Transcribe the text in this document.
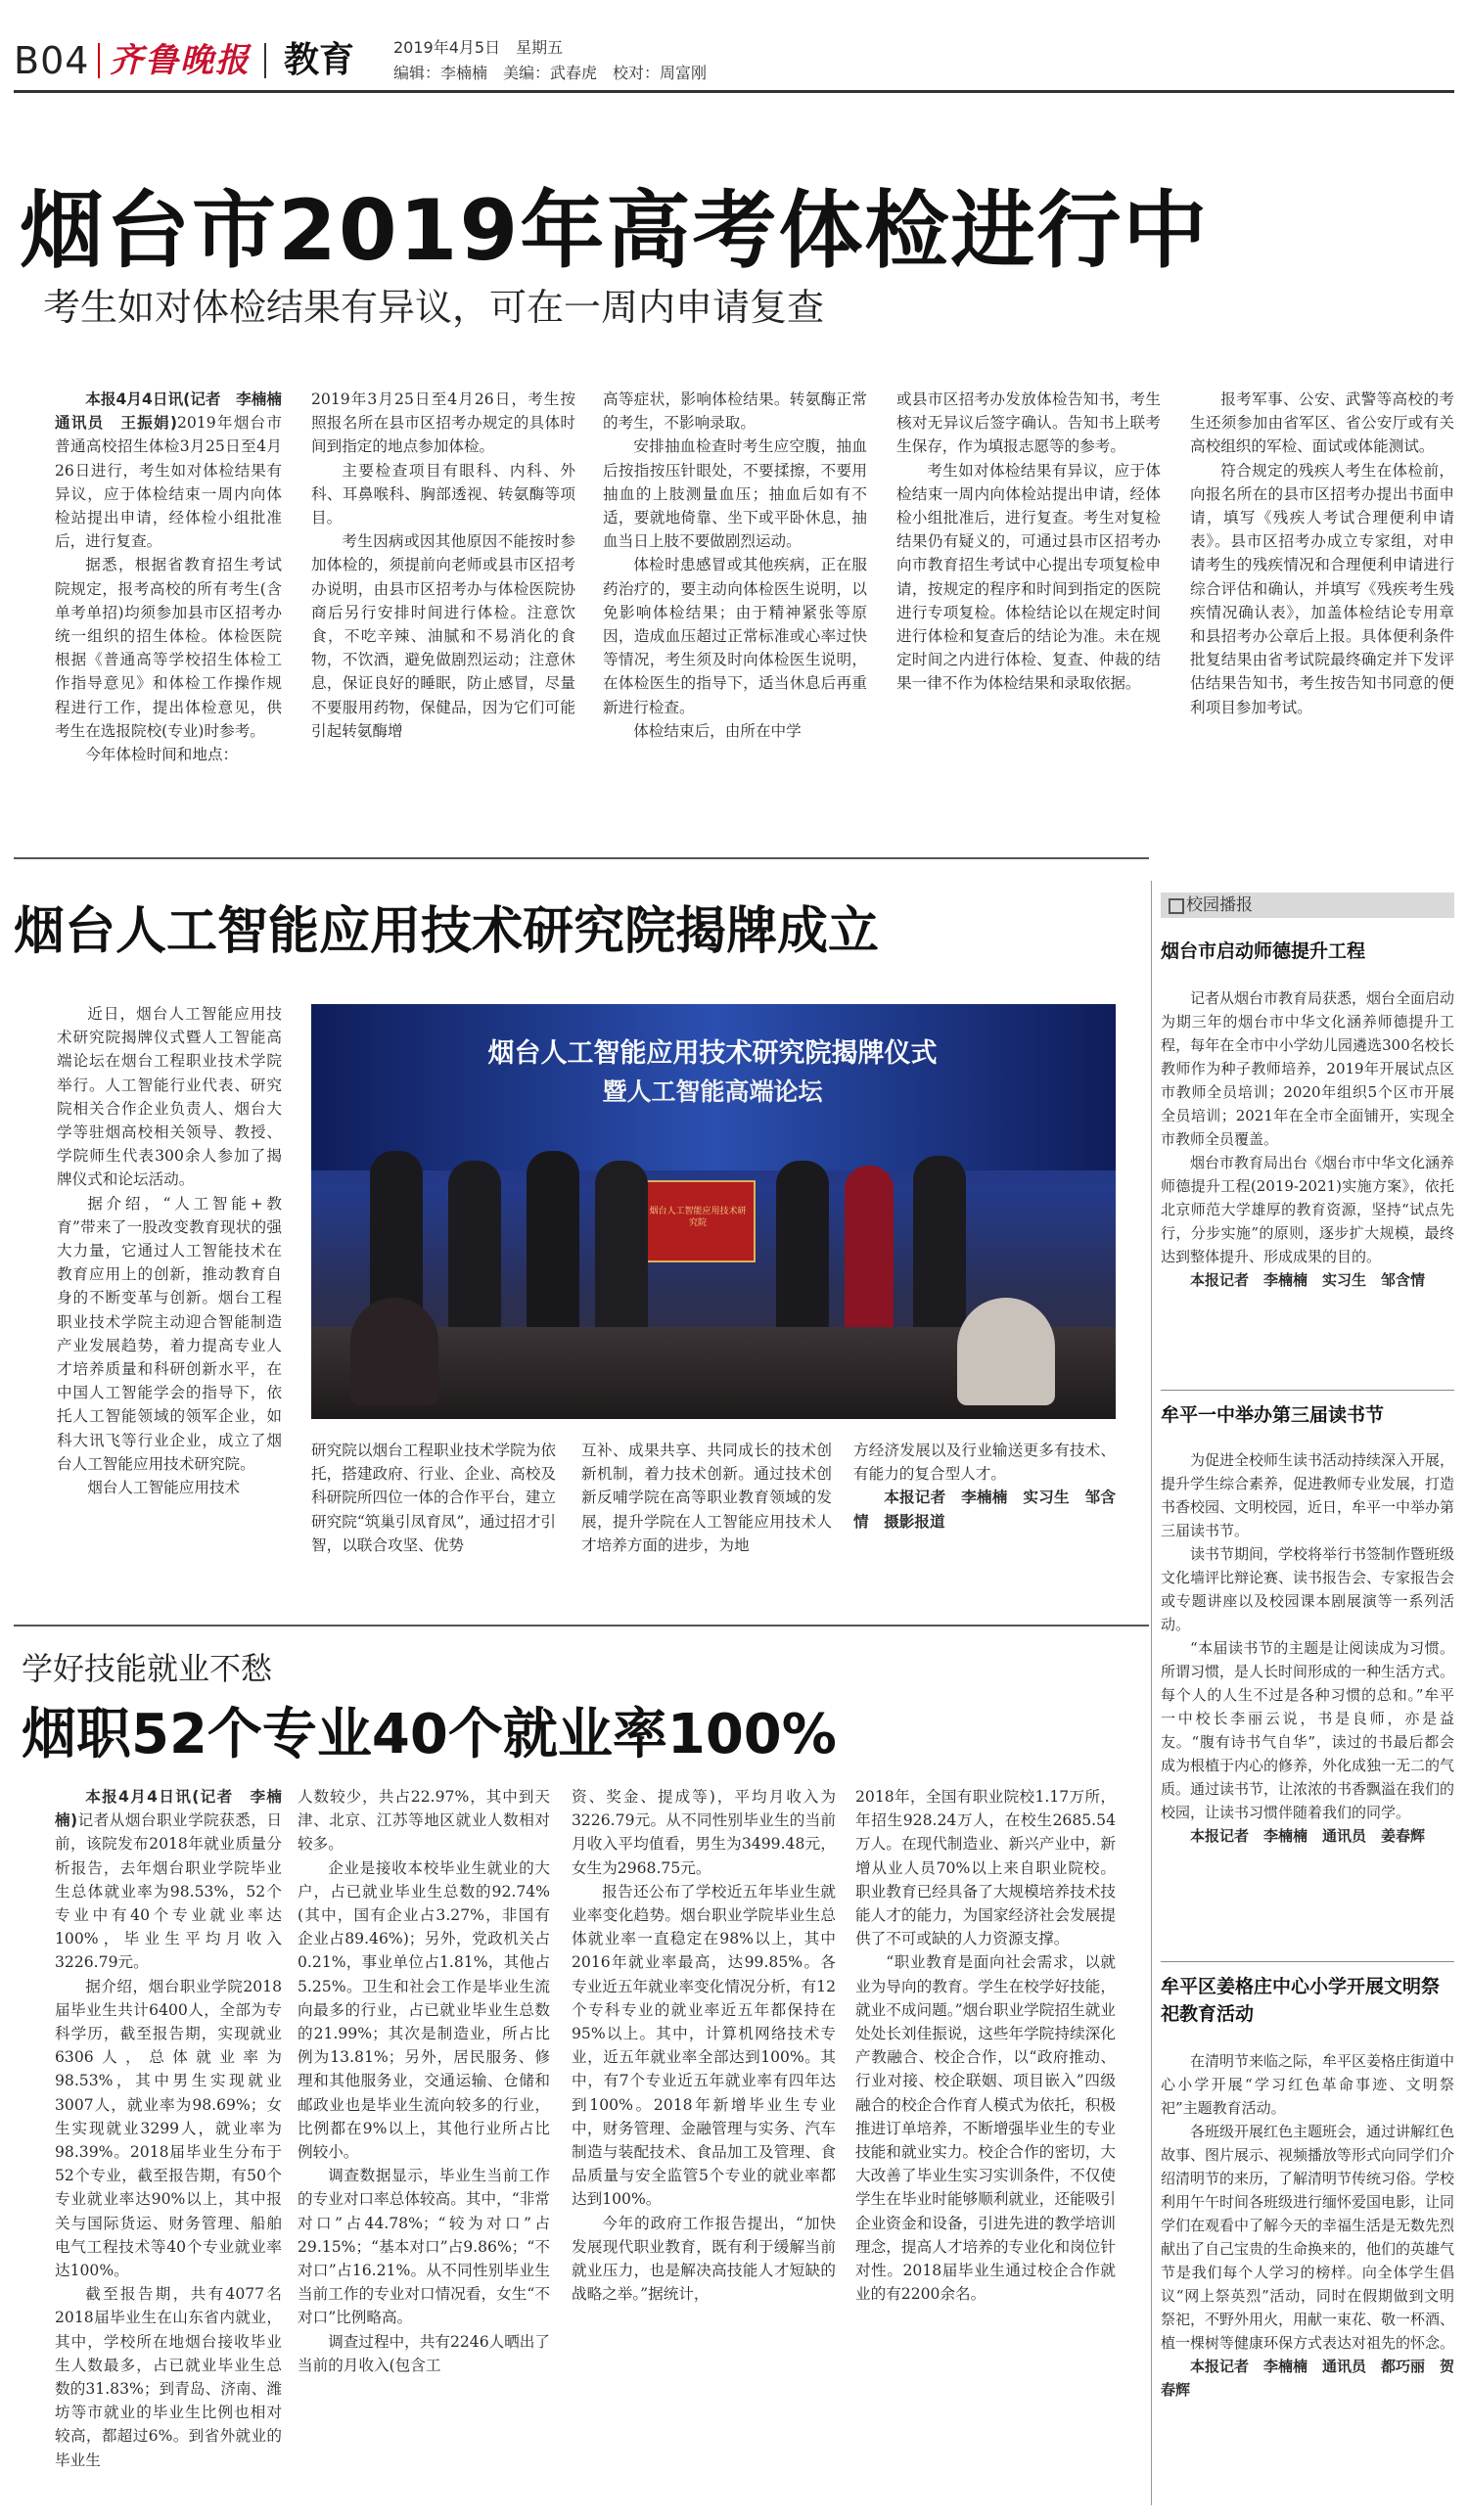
B04 齐鲁晚报 教育 2019年4月5日　星期五
编辑：李楠楠　美编：武春虎　校对：周富刚
烟台市2019年高考体检进行中
考生如对体检结果有异议，可在一周内申请复查

本报4月4日讯(记者　李楠楠　通讯员　王振娟)2019年烟台市普通高校招生体检3月25日至4月26日进行，考生如对体检结果有异议，应于体检结束一周内向体检站提出申请，经体检小组批准后，进行复查。

据悉，根据省教育招生考试院规定，报考高校的所有考生(含单考单招)均须参加县市区招考办统一组织的招生体检。体检医院根据《普通高等学校招生体检工作指导意见》和体检工作操作规程进行工作，提出体检意见，供考生在选报院校(专业)时参考。

今年体检时间和地点：

2019年3月25日至4月26日，考生按照报名所在县市区招考办规定的具体时间到指定的地点参加体检。

主要检查项目有眼科、内科、外科、耳鼻喉科、胸部透视、转氨酶等项目。

考生因病或因其他原因不能按时参加体检的，须提前向老师或县市区招考办说明，由县市区招考办与体检医院协商后另行安排时间进行体检。注意饮食，不吃辛辣、油腻和不易消化的食物，不饮酒，避免做剧烈运动；注意休息，保证良好的睡眠，防止感冒，尽量不要服用药物，保健品，因为它们可能引起转氨酶增

高等症状，影响体检结果。转氨酶正常的考生，不影响录取。

安排抽血检查时考生应空腹，抽血后按指按压针眼处，不要揉擦，不要用抽血的上肢测量血压；抽血后如有不适，要就地倚靠、坐下或平卧休息，抽血当日上肢不要做剧烈运动。

体检时患感冒或其他疾病，正在服药治疗的，要主动向体检医生说明，以免影响体检结果；由于精神紧张等原因，造成血压超过正常标准或心率过快等情况，考生须及时向体检医生说明，在体检医生的指导下，适当休息后再重新进行检查。

体检结束后，由所在中学

或县市区招考办发放体检告知书，考生核对无异议后签字确认。告知书上联考生保存，作为填报志愿等的参考。

考生如对体检结果有异议，应于体检结束一周内向体检站提出申请，经体检小组批准后，进行复查。考生对复检结果仍有疑义的，可通过县市区招考办向市教育招生考试中心提出专项复检申请，按规定的程序和时间到指定的医院进行专项复检。体检结论以在规定时间进行体检和复查后的结论为准。未在规定时间之内进行体检、复查、仲裁的结果一律不作为体检结果和录取依据。

报考军事、公安、武警等高校的考生还须参加由省军区、省公安厅或有关高校组织的军检、面试或体能测试。

符合规定的残疾人考生在体检前，向报名所在的县市区招考办提出书面申请，填写《残疾人考试合理便利申请表》。县市区招考办成立专家组，对申请考生的残疾情况和合理便利申请进行综合评估和确认，并填写《残疾考生残疾情况确认表》，加盖体检结论专用章和县招考办公章后上报。具体便利条件批复结果由省考试院最终确定并下发评估结果告知书，考生按告知书同意的便利项目参加考试。

烟台人工智能应用技术研究院揭牌成立

近日，烟台人工智能应用技术研究院揭牌仪式暨人工智能高端论坛在烟台工程职业技术学院举行。人工智能行业代表、研究院相关合作企业负责人、烟台大学等驻烟高校相关领导、教授、学院师生代表300余人参加了揭牌仪式和论坛活动。

据介绍，“人工智能+教育”带来了一股改变教育现状的强大力量，它通过人工智能技术在教育应用上的创新，推动教育自身的不断变革与创新。烟台工程职业技术学院主动迎合智能制造产业发展趋势，着力提高专业人才培养质量和科研创新水平，在中国人工智能学会的指导下，依托人工智能领域的领军企业，如科大讯飞等行业企业，成立了烟台人工智能应用技术研究院。

烟台人工智能应用技术

烟台人工智能应用技术研究院揭牌仪式
暨人工智能高端论坛
烟台人工智能应用技术研究院

研究院以烟台工程职业技术学院为依托，搭建政府、行业、企业、高校及科研院所四位一体的合作平台，建立研究院“筑巢引凤育凤”，通过招才引智，以联合攻坚、优势

互补、成果共享、共同成长的技术创新机制，着力技术创新。通过技术创新反哺学院在高等职业教育领域的发展，提升学院在人工智能应用技术人才培养方面的进步，为地

方经济发展以及行业输送更多有技术、有能力的复合型人才。

本报记者　李楠楠　实习生　邹含情　摄影报道

学好技能就业不愁
烟职52个专业40个就业率100%

本报4月4日讯(记者　李楠楠)记者从烟台职业学院获悉，日前，该院发布2018年就业质量分析报告，去年烟台职业学院毕业生总体就业率为98.53%，52个专业中有40个专业就业率达100%，毕业生平均月收入3226.79元。

据介绍，烟台职业学院2018届毕业生共计6400人，全部为专科学历，截至报告期，实现就业6306人，总体就业率为98.53%，其中男生实现就业3007人，就业率为98.69%；女生实现就业3299人，就业率为98.39%。2018届毕业生分布于52个专业，截至报告期，有50个专业就业率达90%以上，其中报关与国际货运、财务管理、船舶电气工程技术等40个专业就业率达100%。

截至报告期，共有4077名2018届毕业生在山东省内就业，其中，学校所在地烟台接收毕业生人数最多，占已就业毕业生总数的31.83%；到青岛、济南、潍坊等市就业的毕业生比例也相对较高，都超过6%。到省外就业的毕业生

人数较少，共占22.97%，其中到天津、北京、江苏等地区就业人数相对较多。

企业是接收本校毕业生就业的大户，占已就业毕业生总数的92.74%(其中，国有企业占3.27%，非国有企业占89.46%)；另外，党政机关占0.21%，事业单位占1.81%，其他占5.25%。卫生和社会工作是毕业生流向最多的行业，占已就业毕业生总数的21.99%；其次是制造业，所占比例为13.81%；另外，居民服务、修理和其他服务业，交通运输、仓储和邮政业也是毕业生流向较多的行业，比例都在9%以上，其他行业所占比例较小。

调查数据显示，毕业生当前工作的专业对口率总体较高。其中，“非常对口”占44.78%；“较为对口”占29.15%；“基本对口”占9.86%；“不对口”占16.21%。从不同性别毕业生当前工作的专业对口情况看，女生“不对口”比例略高。

调查过程中，共有2246人晒出了当前的月收入(包含工

资、奖金、提成等)，平均月收入为3226.79元。从不同性别毕业生的当前月收入平均值看，男生为3499.48元，女生为2968.75元。

报告还公布了学校近五年毕业生就业率变化趋势。烟台职业学院毕业生总体就业率一直稳定在98%以上，其中2016年就业率最高，达99.85%。各专业近五年就业率变化情况分析，有12个专科专业的就业率近五年都保持在95%以上。其中，计算机网络技术专业，近五年就业率全部达到100%。其中，有7个专业近五年就业率有四年达到100%。2018年新增毕业生专业中，财务管理、金融管理与实务、汽车制造与装配技术、食品加工及管理、食品质量与安全监管5个专业的就业率都达到100%。

今年的政府工作报告提出，“加快发展现代职业教育，既有利于缓解当前就业压力，也是解决高技能人才短缺的战略之举。”据统计，

2018年，全国有职业院校1.17万所，年招生928.24万人，在校生2685.54万人。在现代制造业、新兴产业中，新增从业人员70%以上来自职业院校。职业教育已经具备了大规模培养技术技能人才的能力，为国家经济社会发展提供了不可或缺的人力资源支撑。

“职业教育是面向社会需求，以就业为导向的教育。学生在校学好技能，就业不成问题。”烟台职业学院招生就业处处长刘佳振说，这些年学院持续深化产教融合、校企合作，以“政府推动、行业对接、校企联姻、项目嵌入”四级融合的校企合作育人模式为依托，积极推进订单培养，不断增强毕业生的专业技能和就业实力。校企合作的密切，大大改善了毕业生实习实训条件，不仅使学生在毕业时能够顺利就业，还能吸引企业资金和设备，引进先进的教学培训理念，提高人才培养的专业化和岗位针对性。2018届毕业生通过校企合作就业的有2200余名。

校园播报
烟台市启动师德提升工程

记者从烟台市教育局获悉，烟台全面启动为期三年的烟台市中华文化涵养师德提升工程，每年在全市中小学幼儿园遴选300名校长教师作为种子教师培养，2019年开展试点区市教师全员培训；2020年组织5个区市开展全员培训；2021年在全市全面铺开，实现全市教师全员覆盖。

烟台市教育局出台《烟台市中华文化涵养师德提升工程(2019-2021)实施方案》，依托北京师范大学雄厚的教育资源，坚持“试点先行，分步实施”的原则，逐步扩大规模，最终达到整体提升、形成成果的目的。

本报记者　李楠楠　实习生　邹含情

牟平一中举办第三届读书节

为促进全校师生读书活动持续深入开展，提升学生综合素养，促进教师专业发展，打造书香校园、文明校园，近日，牟平一中举办第三届读书节。

读书节期间，学校将举行书签制作暨班级文化墙评比辩论赛、读书报告会、专家报告会或专题讲座以及校园课本剧展演等一系列活动。

“本届读书节的主题是让阅读成为习惯。所谓习惯，是人长时间形成的一种生活方式。每个人的人生不过是各种习惯的总和。”牟平一中校长李丽云说，书是良师，亦是益友。“腹有诗书气自华”，读过的书最后都会成为根植于内心的修养，外化成独一无二的气质。通过读书节，让浓浓的书香飘溢在我们的校园，让读书习惯伴随着我们的同学。

本报记者　李楠楠　通讯员　姜春辉

牟平区姜格庄中心小学开展文明祭祀教育活动

在清明节来临之际，牟平区姜格庄街道中心小学开展“学习红色革命事迹、文明祭祀”主题教育活动。

各班级开展红色主题班会，通过讲解红色故事、图片展示、视频播放等形式向同学们介绍清明节的来历，了解清明节传统习俗。学校利用午午时间各班级进行缅怀爱国电影，让同学们在观看中了解今天的幸福生活是无数先烈献出了自己宝贵的生命换来的，他们的英雄气节是我们每个人学习的榜样。向全体学生倡议“网上祭英烈”活动，同时在假期做到文明祭祀，不野外用火，用献一束花、敬一杯酒、植一棵树等健康环保方式表达对祖先的怀念。

本报记者　李楠楠　通讯员　都巧丽　贺春辉
